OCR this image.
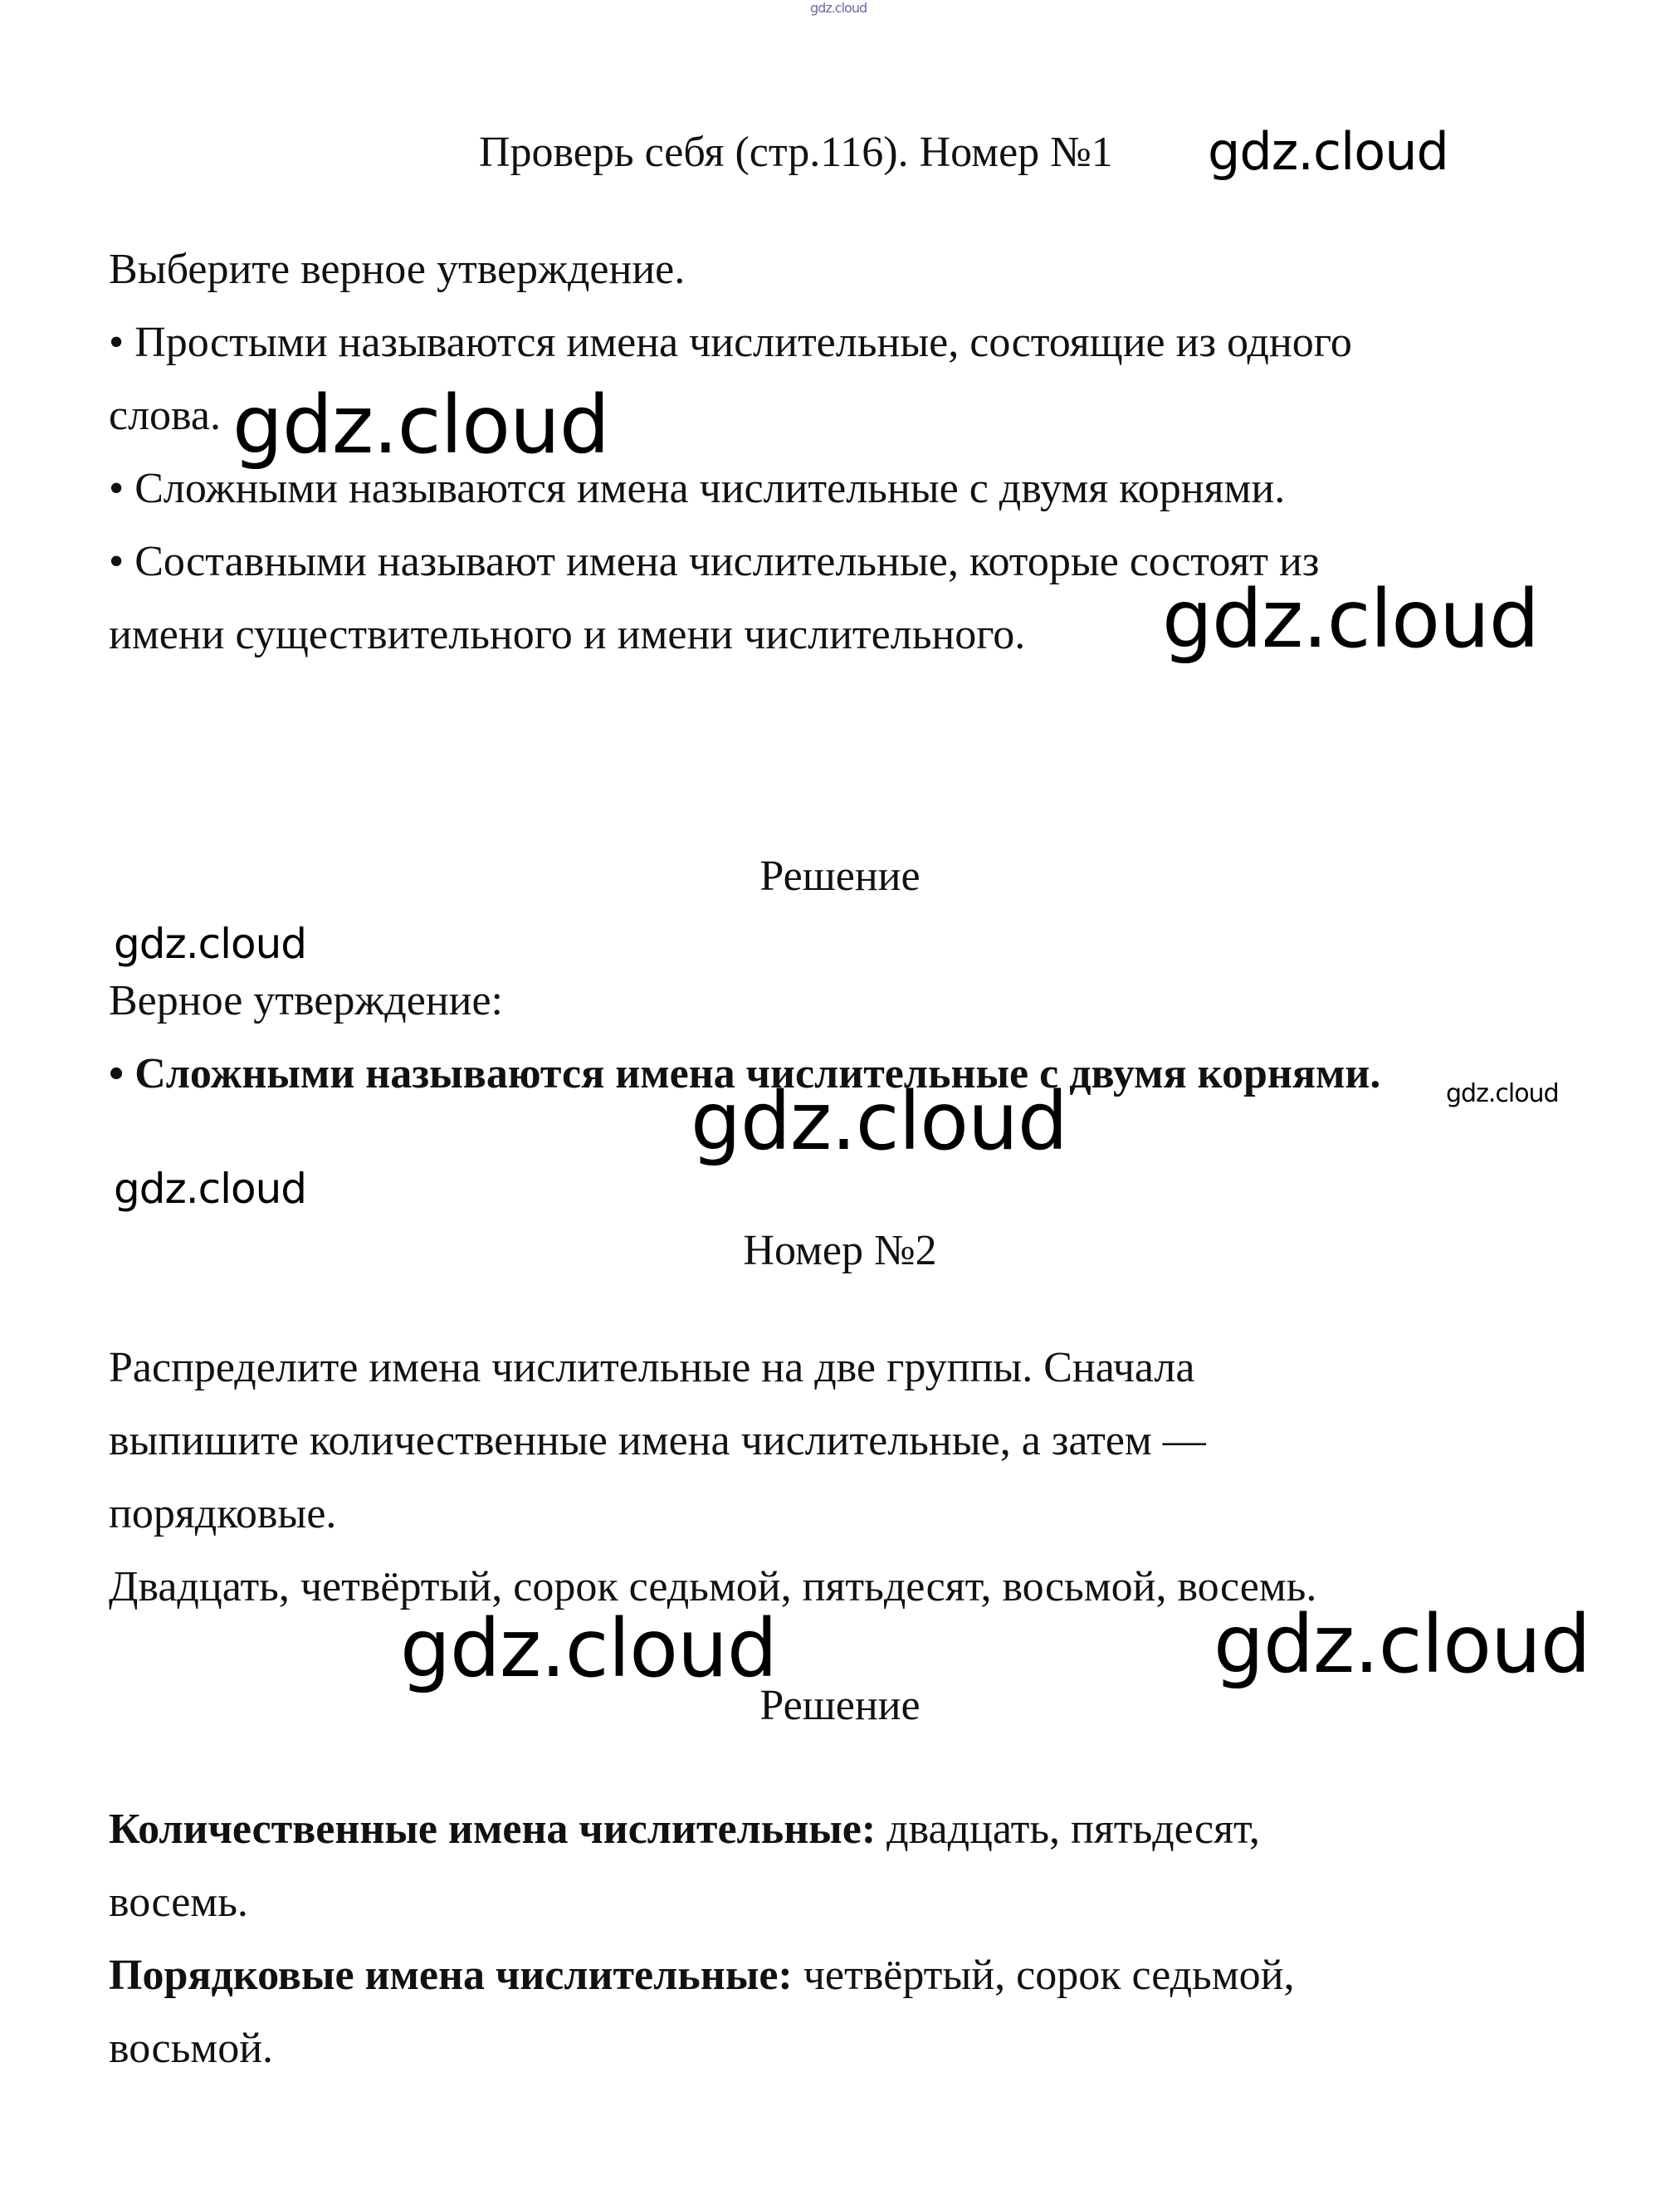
gdz.cloud
Проверь себя (стр.116). Номер №1	gdz.cloud
Выберите верное утверждение.
• Простыми называются имена числительные, состоящие из одного
слова. gdz.cloud
• Сложными называются имена числительные с двумя корнями.
• Составными называют имена числительные, которые состоят из
имени существительного и имени числительного.	gdz.cloud
Решение
gdz.cloud
Верное утверждение:
• Сложными называются имена числительные с двумя корнями.	gdz.cloud
gdz.cloud
gdz.cloud
Номер №2
Распределите имена числительные на две группы. Сначала
выпишите количественные имена числительные, а затем —
порядковые.
Двадцать, четвёртый, сорок седьмой, пятьдесят, восьмой, восемь.
gdz.cloud	gdz.cloud
Решение
Количественные имена числительные: двадцать, пятьдесят,
восемь.
Порядковые имена числительные: четвёртый, сорок седьмой,
восьмой.
